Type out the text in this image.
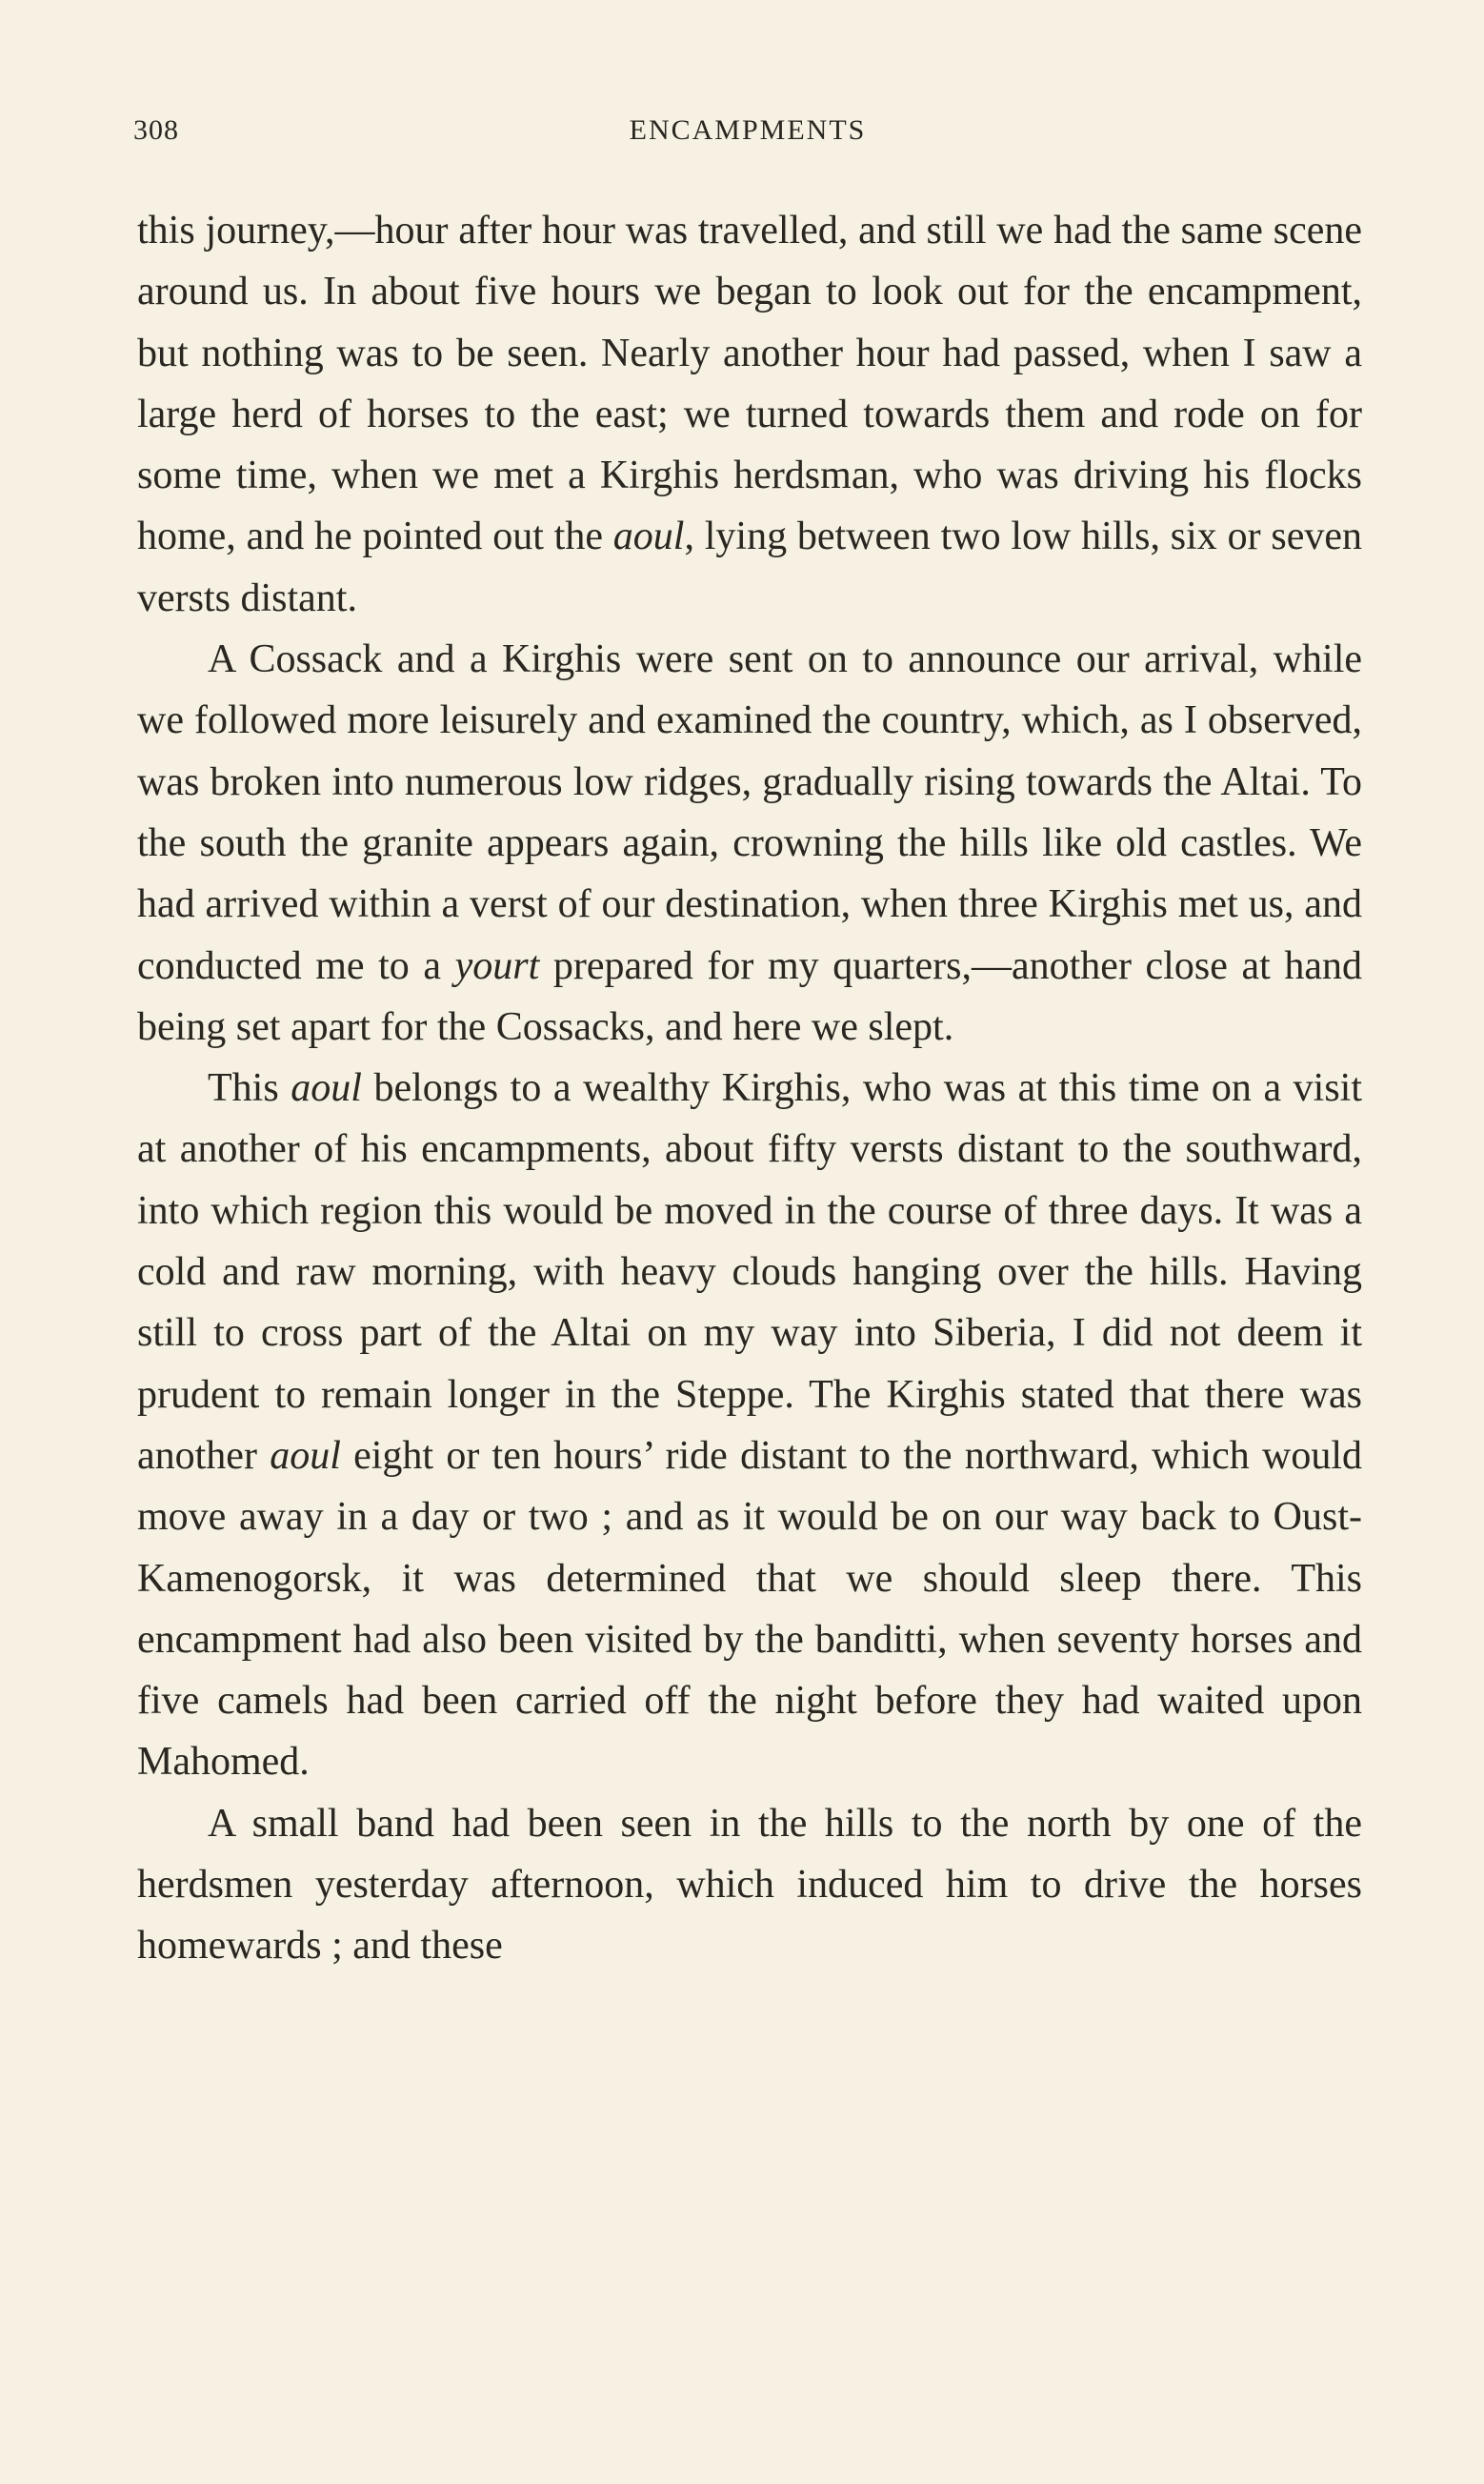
308	ENCAMPMENTS

this journey,—hour after hour was travelled, and still we had the same scene around us. In about five hours we began to look out for the encampment, but nothing was to be seen. Nearly another hour had passed, when I saw a large herd of horses to the east; we turned towards them and rode on for some time, when we met a Kirghis herdsman, who was driving his flocks home, and he pointed out the aoul, lying between two low hills, six or seven versts distant.

A Cossack and a Kirghis were sent on to announce our arrival, while we followed more leisurely and examined the country, which, as I observed, was broken into numerous low ridges, gradually rising towards the Altai. To the south the granite appears again, crowning the hills like old castles. We had arrived within a verst of our destination, when three Kirghis met us, and conducted me to a yourt prepared for my quarters,—another close at hand being set apart for the Cossacks, and here we slept.

This aoul belongs to a wealthy Kirghis, who was at this time on a visit at another of his encampments, about fifty versts distant to the southward, into which region this would be moved in the course of three days. It was a cold and raw morning, with heavy clouds hanging over the hills. Having still to cross part of the Altai on my way into Siberia, I did not deem it prudent to remain longer in the Steppe. The Kirghis stated that there was another aoul eight or ten hours’ ride distant to the northward, which would move away in a day or two ; and as it would be on our way back to Oust-Kamenogorsk, it was determined that we should sleep there. This encampment had also been visited by the banditti, when seventy horses and five camels had been carried off the night before they had waited upon Mahomed.

A small band had been seen in the hills to the north by one of the herdsmen yesterday afternoon, which induced him to drive the horses homewards ; and these
